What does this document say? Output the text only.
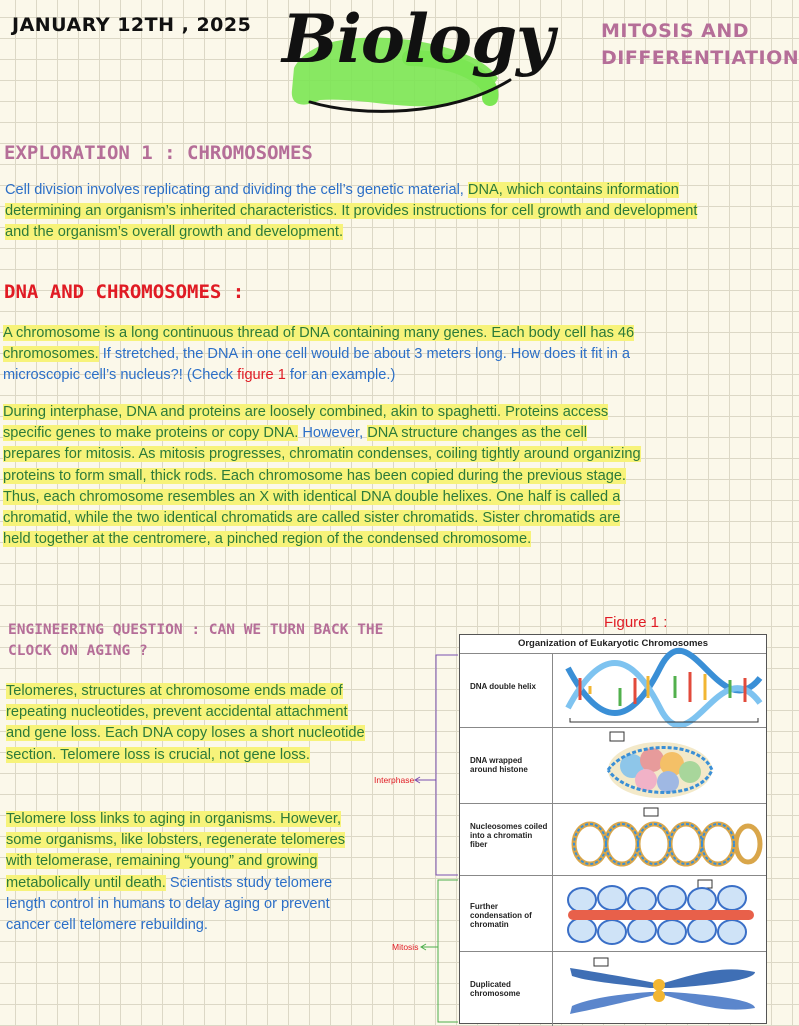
JANUARY 12TH , 2025 Biology	MITOSIS AND DIFFERENTIATION
EXPLORATION 1 : CHROMOSOMES

Cell division involves replicating and dividing the cell’s genetic material, DNA, which contains information determining an organism’s inherited characteristics. It provides instructions for cell growth and development and the organism’s overall growth and development.

DNA AND CHROMOSOMES :

A chromosome is a long continuous thread of DNA containing many genes. Each body cell has 46 chromosomes. If stretched, the DNA in one cell would be about 3 meters long. How does it fit in a microscopic cell’s nucleus?! (Check figure 1 for an example.)

During interphase, DNA and proteins are loosely combined, akin to spaghetti. Proteins access specific genes to make proteins or copy DNA. However, DNA structure changes as the cell prepares for mitosis. As mitosis progresses, chromatin condenses, coiling tightly around organizing proteins to form small, thick rods. Each chromosome has been copied during the previous stage. Thus, each chromosome resembles an X with identical DNA double helixes. One half is called a chromatid, while the two identical chromatids are called sister chromatids. Sister chromatids are held together at the centromere, a pinched region of the condensed chromosome.

ENGINEERING QUESTION : CAN WE TURN BACK THE CLOCK ON AGING ?

Telomeres, structures at chromosome ends made of repeating nucleotides, prevent accidental attachment and gene loss. Each DNA copy loses a short nucleotide section. Telomere loss is crucial, not gene loss.

Telomere loss links to aging in organisms. However, some organisms, like lobsters, regenerate telomeres with telomerase, remaining “young” and growing metabolically until death. Scientists study telomere length control in humans to delay aging or prevent cancer cell telomere rebuilding.

Figure 1 :
Interphase
Mitosis
Organization of Eukaryotic Chromosomes
DNA double helix
DNA wrapped around histone
Nucleosomes coiled into a chromatin fiber
Further condensation of chromatin
Duplicated chromosome
